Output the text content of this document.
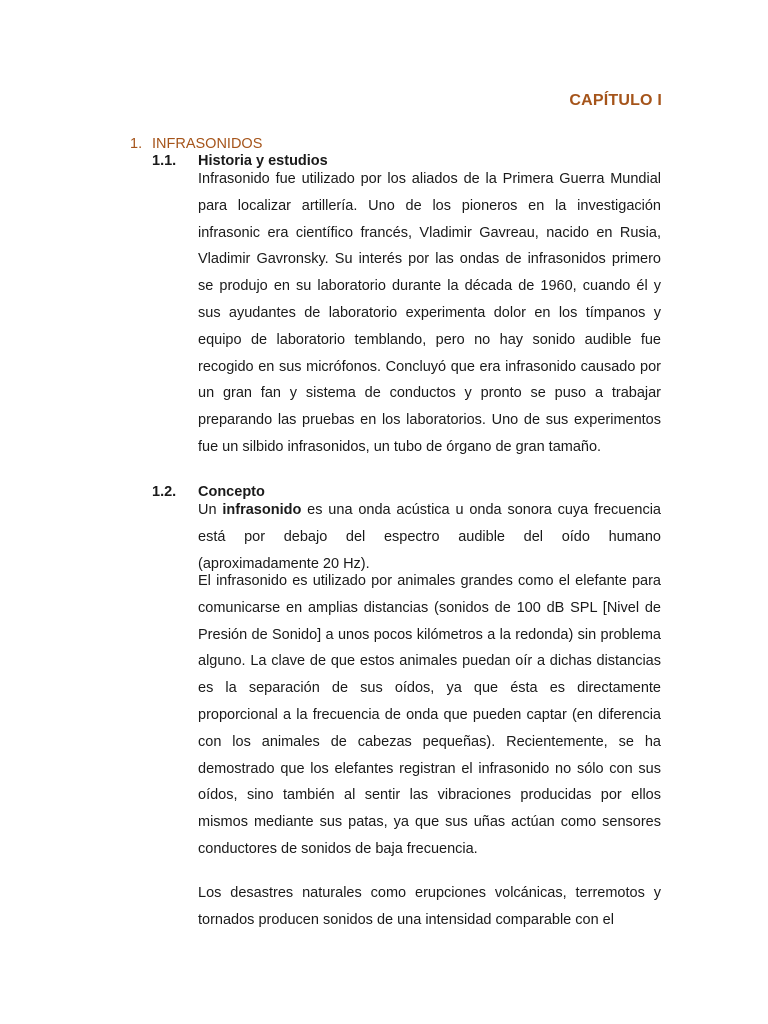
CAPÍTULO I
1. INFRASONIDOS
1.1. Historia y estudios

Infrasonido fue utilizado por los aliados de la Primera Guerra Mundial para localizar artillería. Uno de los pioneros en la investigación infrasonic era científico francés, Vladimir Gavreau, nacido en Rusia, Vladimir Gavronsky. Su interés por las ondas de infrasonidos primero se produjo en su laboratorio durante la década de 1960, cuando él y sus ayudantes de laboratorio experimenta dolor en los tímpanos y equipo de laboratorio temblando, pero no hay sonido audible fue recogido en sus micrófonos. Concluyó que era infrasonido causado por un gran fan y sistema de conductos y pronto se puso a trabajar preparando las pruebas en los laboratorios. Uno de sus experimentos fue un silbido infrasonidos, un tubo de órgano de gran tamaño.

1.2. Concepto

Un infrasonido es una onda acústica u onda sonora cuya frecuencia está por debajo del espectro audible del oído humano (aproximadamente 20 Hz).

El infrasonido es utilizado por animales grandes como el elefante para comunicarse en amplias distancias (sonidos de 100 dB SPL [Nivel de Presión de Sonido] a unos pocos kilómetros a la redonda) sin problema alguno. La clave de que estos animales puedan oír a dichas distancias es la separación de sus oídos, ya que ésta es directamente proporcional a la frecuencia de onda que pueden captar (en diferencia con los animales de cabezas pequeñas). Recientemente, se ha demostrado que los elefantes registran el infrasonido no sólo con sus oídos, sino también al sentir las vibraciones producidas por ellos mismos mediante sus patas, ya que sus uñas actúan como sensores conductores de sonidos de baja frecuencia.

Los desastres naturales como erupciones volcánicas, terremotos y tornados producen sonidos de una intensidad comparable con el
